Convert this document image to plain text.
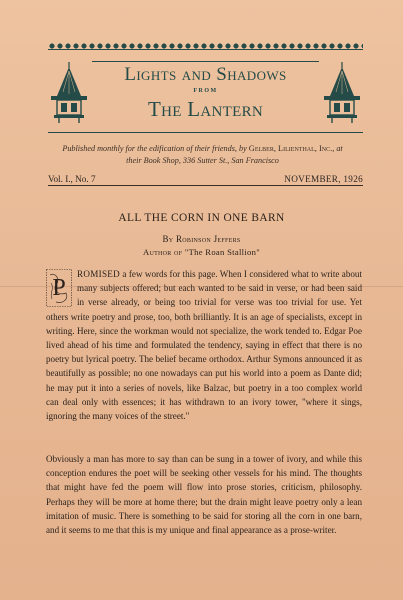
Lights and Shadows
FROM
The Lantern
Published monthly for the edification of their friends, by Gelber, Lilienthal, Inc., at their Book Shop, 336 Sutter St., San Francisco
Vol. I., No. 7	NOVEMBER, 1926
ALL THE CORN IN ONE BARN
By Robinson Jeffers
Author of "The Roan Stallion"
P
ROMISED a few words for this page. When I considered what to write about many subjects offered; but each wanted to be said in verse, or had been said in verse already, or being too trivial for verse was too trivial for use. Yet others write poetry and prose, too, both brilliantly. It is an age of specialists, except in writing. Here, since the workman would not specialize, the work tended to. Edgar Poe lived ahead of his time and formulated the tendency, saying in effect that there is no poetry but lyrical poetry. The belief became orthodox. Arthur Symons announced it as beautifully as possible; no one nowadays can put his world into a poem as Dante did; he may put it into a series of novels, like Balzac, but poetry in a too complex world can deal only with essences; it has withdrawn to an ivory tower, "where it sings, ignoring the many voices of the street."
Obviously a man has more to say than can be sung in a tower of ivory, and while this conception endures the poet will be seeking other vessels for his mind. The thoughts that might have fed the poem will flow into prose stories, criticism, philosophy. Perhaps they will be more at home there; but the drain might leave poetry only a lean imitation of music. There is something to be said for storing all the corn in one barn, and it seems to me that this is my unique and final appearance as a prose-writer.
